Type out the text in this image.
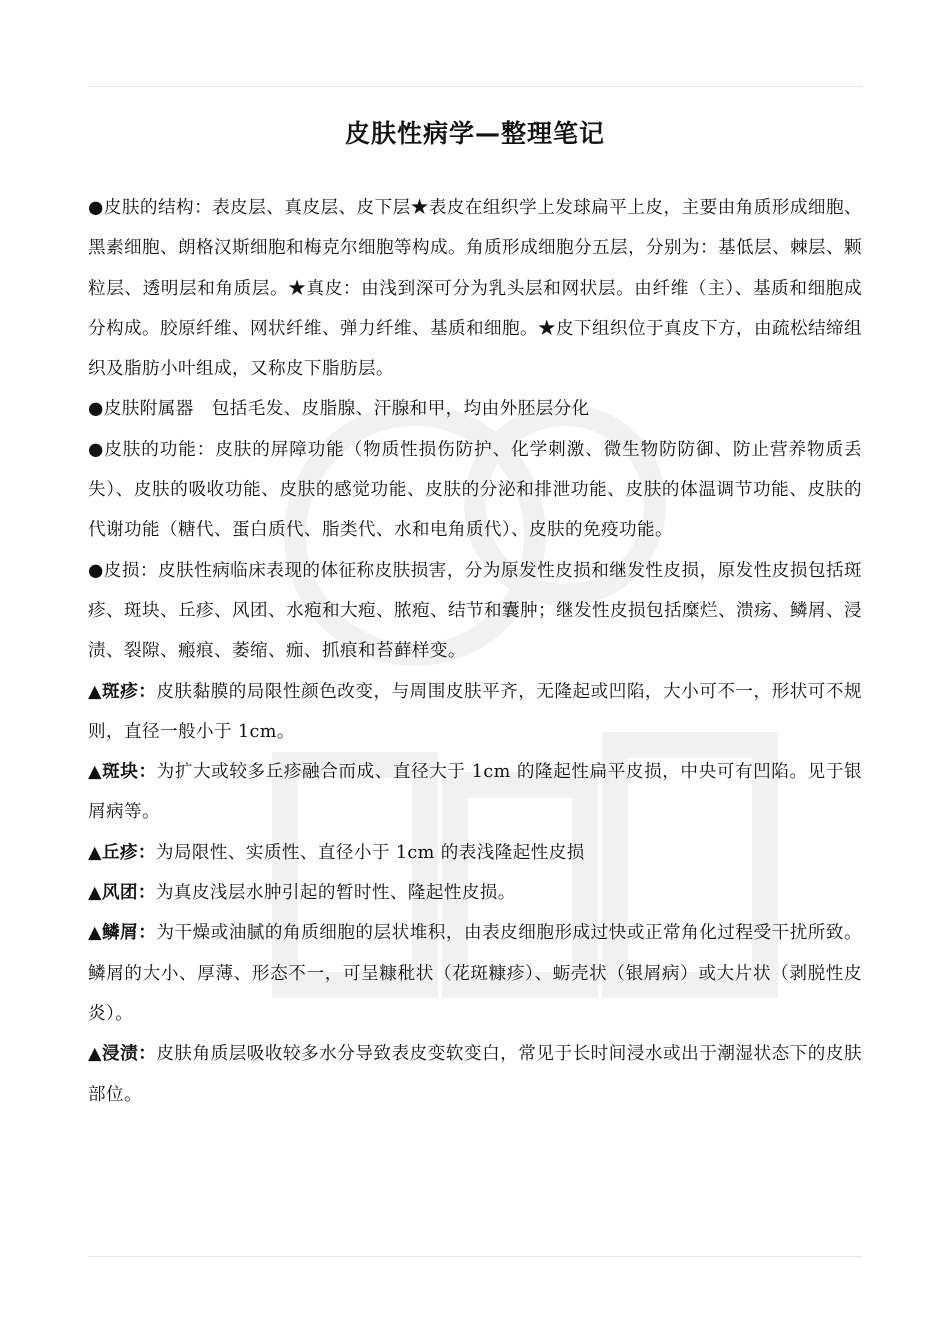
皮肤性病学—整理笔记

●皮肤的结构：表皮层、真皮层、皮下层★表皮在组织学上发球扁平上皮，主要由角质形成细胞、黑素细胞、朗格汉斯细胞和梅克尔细胞等构成。角质形成细胞分五层，分别为：基低层、棘层、颗粒层、透明层和角质层。★真皮：由浅到深可分为乳头层和网状层。由纤维（主）、基质和细胞成分构成。胶原纤维、网状纤维、弹力纤维、基质和细胞。★皮下组织位于真皮下方，由疏松结缔组织及脂肪小叶组成，又称皮下脂肪层。

●皮肤附属器　包括毛发、皮脂腺、汗腺和甲，均由外胚层分化

●皮肤的功能：皮肤的屏障功能（物质性损伤防护、化学刺激、微生物防防御、防止营养物质丢失）、皮肤的吸收功能、皮肤的感觉功能、皮肤的分泌和排泄功能、皮肤的体温调节功能、皮肤的代谢功能（糖代、蛋白质代、脂类代、水和电角质代）、皮肤的免疫功能。

●皮损：皮肤性病临床表现的体征称皮肤损害，分为原发性皮损和继发性皮损，原发性皮损包括斑疹、斑块、丘疹、风团、水疱和大疱、脓疱、结节和囊肿；继发性皮损包括糜烂、溃疡、鳞屑、浸渍、裂隙、瘢痕、萎缩、痂、抓痕和苔藓样变。

▲斑疹：皮肤黏膜的局限性颜色改变，与周围皮肤平齐，无隆起或凹陷，大小可不一，形状可不规则，直径一般小于 1cm。

▲斑块：为扩大或较多丘疹融合而成、直径大于 1cm 的隆起性扁平皮损，中央可有凹陷。见于银屑病等。

▲丘疹：为局限性、实质性、直径小于 1cm 的表浅隆起性皮损

▲风团：为真皮浅层水肿引起的暂时性、隆起性皮损。

▲鳞屑：为干燥或油腻的角质细胞的层状堆积，由表皮细胞形成过快或正常角化过程受干扰所致。鳞屑的大小、厚薄、形态不一，可呈糠秕状（花斑糠疹）、蛎壳状（银屑病）或大片状（剥脱性皮炎）。

▲浸渍：皮肤角质层吸收较多水分导致表皮变软变白，常见于长时间浸水或出于潮湿状态下的皮肤部位。
